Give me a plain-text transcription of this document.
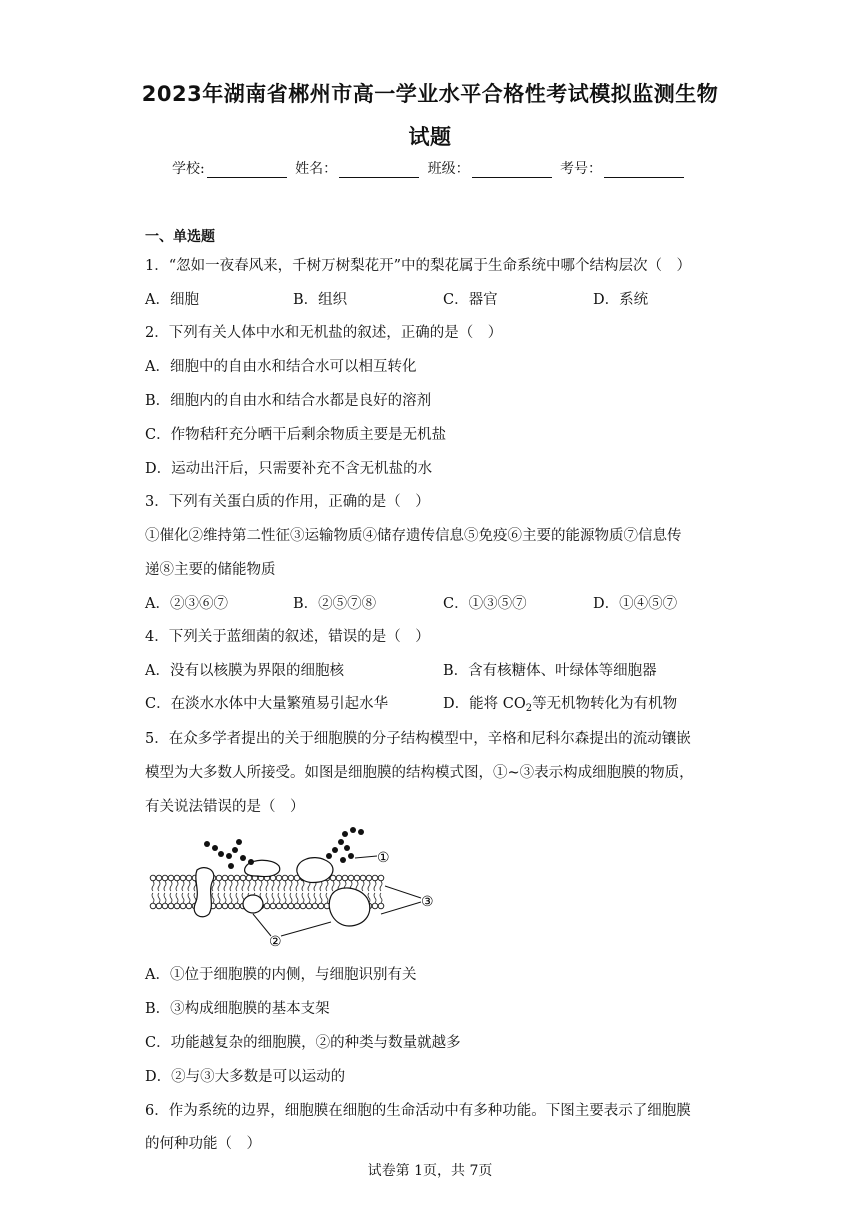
2023年湖南省郴州市高一学业水平合格性考试模拟监测生物
试题
学校:	姓名：	班级：	考号：
一、单选题
1．“忽如一夜春风来，千树万树梨花开”中的梨花属于生命系统中哪个结构层次（　）
A．细胞	B．组织	C．器官	D．系统
2．下列有关人体中水和无机盐的叙述，正确的是（　）
A．细胞中的自由水和结合水可以相互转化
B．细胞内的自由水和结合水都是良好的溶剂
C．作物秸秆充分晒干后剩余物质主要是无机盐
D．运动出汗后，只需要补充不含无机盐的水
3．下列有关蛋白质的作用，正确的是（　）
①催化②维持第二性征③运输物质④储存遗传信息⑤免疫⑥主要的能源物质⑦信息传
递⑧主要的储能物质
A．②③⑥⑦	B．②⑤⑦⑧	C．①③⑤⑦	D．①④⑤⑦
4．下列关于蓝细菌的叙述，错误的是（　）
A．没有以核膜为界限的细胞核	B．含有核糖体、叶绿体等细胞器
C．在淡水水体中大量繁殖易引起水华	D．能将 $CO_2$等无机物转化为有机物
5．在众多学者提出的关于细胞膜的分子结构模型中，辛格和尼科尔森提出的流动镶嵌
模型为大多数人所接受。如图是细胞膜的结构模式图，①~③表示构成细胞膜的物质，
有关说法错误的是（　）
①
③
②
A．①位于细胞膜的内侧，与细胞识别有关
B．③构成细胞膜的基本支架
C．功能越复杂的细胞膜，②的种类与数量就越多
D．②与③大多数是可以运动的
6．作为系统的边界，细胞膜在细胞的生命活动中有多种功能。下图主要表示了细胞膜
的何种功能（　）
试卷第 1页，共 7页
